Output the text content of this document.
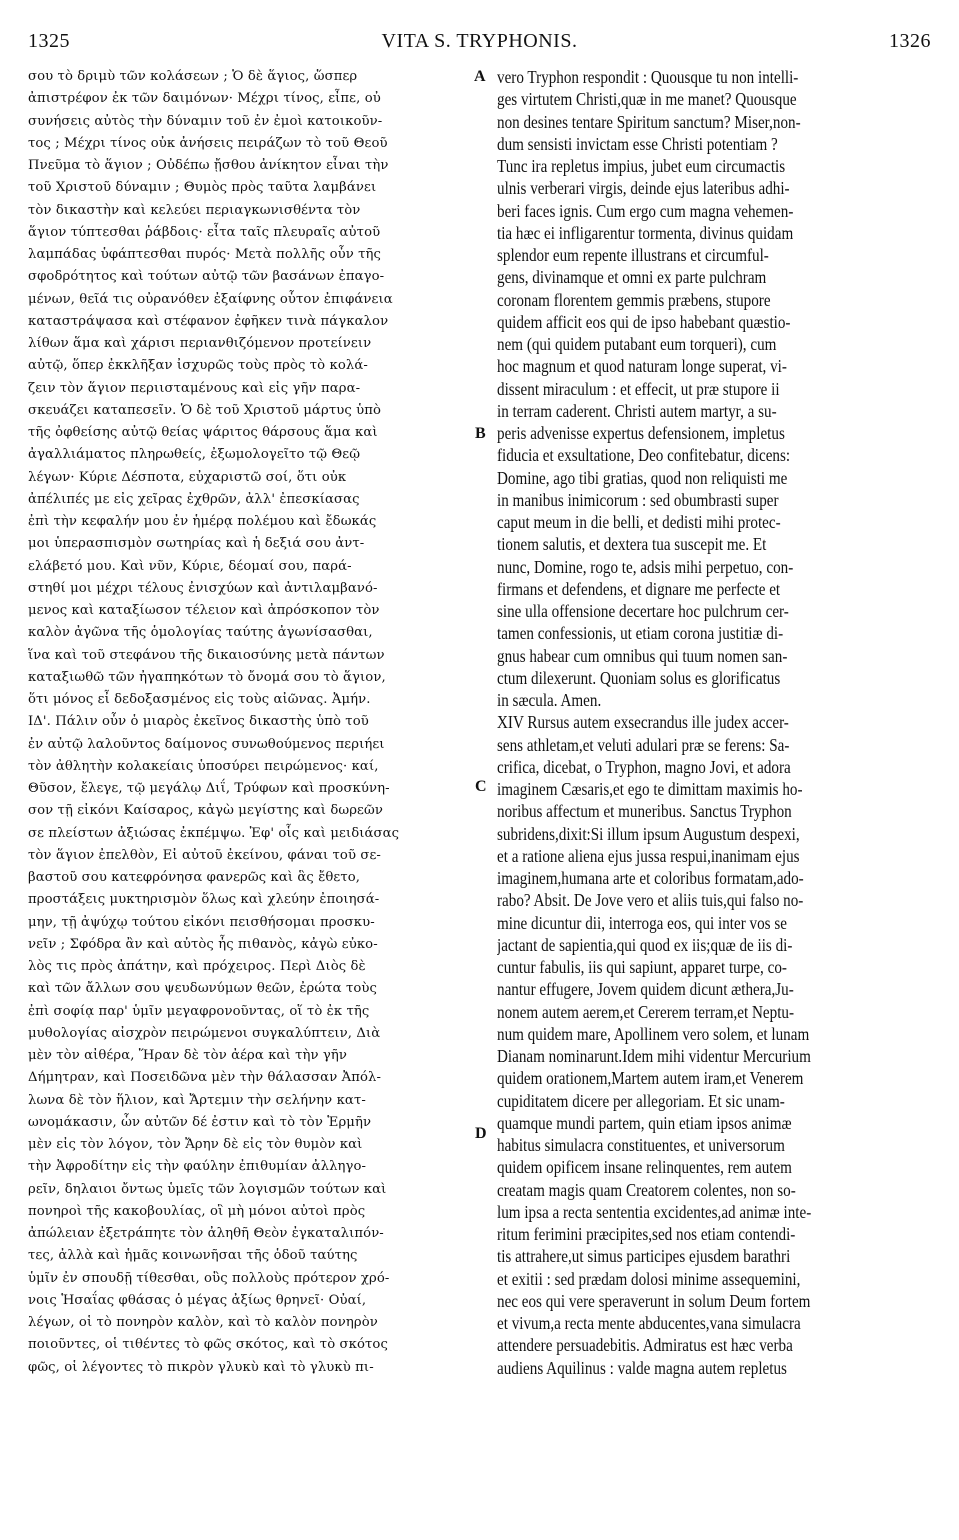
VITA S. TRYPHONIS.
1325	1326
σου τὸ δριμὺ τῶν κολάσεων ; Ὁ δὲ ἅγιος, ὥσπερ
ἀπιστρέφον ἐκ τῶν δαιμόνων· Μέχρι τίνος, εἶπε, οὐ
συνήσεις αὐτὸς τὴν δύναμιν τοῦ ἐν ἐμοὶ κατοικοῦν-
τος ; Μέχρι τίνος οὐκ ἀνήσεις πειράζων τὸ τοῦ Θεοῦ
Πνεῦμα τὸ ἅγιον ; Οὐδέπω ᾔσθου ἀνίκητον εἶναι τὴν
τοῦ Χριστοῦ δύναμιν ; Θυμὸς πρὸς ταῦτα λαμβάνει
τὸν δικαστὴν καὶ κελεύει περιαγκωνισθέντα τὸν
ἅγιον τύπτεσθαι ῥάβδοις· εἶτα ταῖς πλευραῖς αὐτοῦ
λαμπάδας ὑφάπτεσθαι πυρός· Μετὰ πολλῆς οὖν τῆς
σφοδρότητος καὶ τούτων αὐτῷ τῶν βασάνων ἐπαγο-
μένων, θεῖά τις οὐρανόθεν ἐξαίφνης οὗτον ἐπιφάνεια
καταστράψασα καὶ στέφανον ἐφῆκεν τινὰ πάγκαλον
λίθων ἅμα καὶ χάρισι περιανθιζόμενον προτείνειν
αὐτῷ, ὅπερ ἐκκλῆξαν ἰσχυρῶς τοὺς πρὸς τὸ κολά-
ζειν τὸν ἅγιον περιισταμένους καὶ εἰς γῆν παρα-
σκευάζει καταπεσεῖν. Ὁ δὲ τοῦ Χριστοῦ μάρτυς ὑπὸ
τῆς ὀφθείσης αὐτῷ θείας ψάριτος θάρσους ἅμα καὶ
ἀγαλλιάματος πληρωθείς, ἐξωμολογεῖτο τῷ Θεῷ
λέγων· Κύριε Δέσποτα, εὐχαριστῶ σοί, ὅτι οὐκ
ἀπέλιπές με εἰς χεῖρας ἐχθρῶν, ἀλλ' ἐπεσκίασας
ἐπὶ τὴν κεφαλήν μου ἐν ἡμέρᾳ πολέμου καὶ ἔδωκάς
μοι ὑπερασπισμὸν σωτηρίας καὶ ἡ δεξιά σου ἀντ-
ελάβετό μου. Καὶ νῦν, Κύριε, δέομαί σου, παρά-
στηθί μοι μέχρι τέλους ἐνισχύων καὶ ἀντιλαμβανό-
μενος καὶ καταξίωσον τέλειον καὶ ἀπρόσκοπον τὸν
καλὸν ἀγῶνα τῆς ὁμολογίας ταύτης ἀγωνίσασθαι,
ἵνα καὶ τοῦ στεφάνου τῆς δικαιοσύνης μετὰ πάντων
καταξιωθῶ τῶν ἠγαπηκότων τὸ ὄνομά σου τὸ ἅγιον,
ὅτι μόνος εἶ δεδοξασμένος εἰς τοὺς αἰῶνας. Ἀμήν.
ΙΔ'. Πάλιν οὖν ὁ μιαρὸς ἐκεῖνος δικαστὴς ὑπὸ τοῦ
ἐν αὐτῷ λαλοῦντος δαίμονος συνωθούμενος περιήει
τὸν ἀθλητὴν κολακείαις ὑποσύρει πειρώμενος· καί,
Θῦσον, ἔλεγε, τῷ μεγάλῳ Διΐ, Τρύφων καὶ προσκύνη-
σον τῇ εἰκόνι Καίσαρος, κἀγὼ μεγίστης καὶ δωρεῶν
σε πλείστων ἀξιώσας ἐκπέμψω. Ἐφ' οἷς καὶ μειδιάσας
τὸν ἅγιον ἐπελθὸν, Εἰ αὐτοῦ ἐκείνου, φάναι τοῦ σε-
βαστοῦ σου κατεφρόνησα φανερῶς καὶ ἃς ἔθετο,
προστάξεις μυκτηρισμὸν ὅλως καὶ χλεύην ἐποιησά-
μην, τῇ ἀψύχῳ τούτου εἰκόνι πεισθήσομαι προσκυ-
νεῖν ; Σφόδρα ἂν καὶ αὐτὸς ἦς πιθανὸς, κἀγὼ εὐκο-
λὸς τις πρὸς ἀπάτην, καὶ πρόχειρος. Περὶ Διὸς δὲ
καὶ τῶν ἄλλων σου ψευδωνύμων θεῶν, ἐρώτα τοὺς
ἐπὶ σοφίᾳ παρ' ὑμῖν μεγαφρονοῦντας, οἵ τὸ ἐκ τῆς
μυθολογίας αἰσχρὸν πειρώμενοι συγκαλύπτειν, Διὰ
μὲν τὸν αἰθέρα, Ἥραν δὲ τὸν ἀέρα καὶ τὴν γῆν
Δήμητραν, καὶ Ποσειδῶνα μὲν τὴν θάλασσαν Ἀπόλ-
λωνα δὲ τὸν ἥλιον, καὶ Ἄρτεμιν τὴν σελήνην κατ-
ωνομάκασιν, ὧν αὐτῶν δέ ἐστιν καὶ τὸ τὸν Ἑρμῆν
μὲν εἰς τὸν λόγον, τὸν Ἄρην δὲ εἰς τὸν θυμὸν καὶ
τὴν Ἀφροδίτην εἰς τὴν φαύλην ἐπιθυμίαν ἀλληγο-
ρεῖν, δηλαιοι ὄντως ὑμεῖς τῶν λογισμῶν τούτων καὶ
πονηροὶ τῆς κακοβουλίας, οἳ μὴ μόνοι αὐτοὶ πρὸς
ἀπώλειαν ἐξετράπητε τὸν ἀληθῆ Θεὸν ἐγκαταλιπόν-
τες, ἀλλὰ καὶ ἡμᾶς κοινωνῆσαι τῆς ὁδοῦ ταύτης
ὑμῖν ἐν σπουδῇ τίθεσθαι, οὓς πολλοὺς πρότερον χρό-
νοις Ἡσαΐας φθάσας ὁ μέγας ἀξίως θρηνεῖ· Οὐαί,
λέγων, οἱ τὸ πονηρὸν καλὸν, καὶ τὸ καλὸν πονηρὸν
ποιοῦντες, οἱ τιθέντες τὸ φῶς σκότος, καὶ τὸ σκότος
φῶς, οἱ λέγοντες τὸ πικρὸν γλυκὺ καὶ τὸ γλυκὺ πι-
vero Tryphon respondit : Quousque tu non intelli-
ges virtutem Christi,quæ in me manet? Quousque
non desines tentare Spiritum sanctum? Miser,non-
dum sensisti invictam esse Christi potentiam ?
Tunc ira repletus impius, jubet eum circumactis
ulnis verberari virgis, deinde ejus lateribus adhi-
beri faces ignis. Cum ergo cum magna vehemen-
tia hæc ei infligarentur tormenta, divinus quidam
splendor eum repente illustrans et circumful-
gens, divinamque et omni ex parte pulchram
coronam florentem gemmis præbens, stupore
quidem afficit eos qui de ipso habebant quæstio-
nem (qui quidem putabant eum torqueri), cum
hoc magnum et quod naturam longe superat, vi-
dissent miraculum : et effecit, ut præ stupore ii
in terram caderent. Christi autem martyr, a su-
peris advenisse expertus defensionem, impletus
fiducia et exsultatione, Deo confitebatur, dicens:
Domine, ago tibi gratias, quod non reliquisti me
in manibus inimicorum : sed obumbrasti super
caput meum in die belli, et dedisti mihi protec-
tionem salutis, et dextera tua suscepit me. Et
nunc, Domine, rogo te, adsis mihi perpetuo, con-
firmans et defendens, et dignare me perfecte et
sine ulla offensione decertare hoc pulchrum cer-
tamen confessionis, ut etiam corona justitiæ di-
gnus habear cum omnibus qui tuum nomen san-
ctum dilexerunt. Quoniam solus es glorificatus
in sæcula. Amen.
XIV Rursus autem exsecrandus ille judex accer-
sens athletam,et veluti adulari præ se ferens: Sa-
crifica, dicebat, o Tryphon, magno Jovi, et adora
imaginem Cæsaris,et ego te dimittam maximis ho-
noribus affectum et muneribus. Sanctus Tryphon
subridens,dixit:Si illum ipsum Augustum despexi,
et a ratione aliena ejus jussa respui,inanimam ejus
imaginem,humana arte et coloribus formatam,ado-
rabo? Absit. De Jove vero et aliis tuis,qui falso no-
mine dicuntur dii, interroga eos, qui inter vos se
jactant de sapientia,qui quod ex iis;quæ de iis di-
cuntur fabulis, iis qui sapiunt, apparet turpe, co-
nantur effugere, Jovem quidem dicunt æthera,Ju-
nonem autem aerem,et Cererem terram,et Neptu-
num quidem mare, Apollinem vero solem, et lunam
Dianam nominarunt.Idem mihi videntur Mercurium
quidem orationem,Martem autem iram,et Venerem
cupiditatem dicere per allegoriam. Et sic unam-
quamque mundi partem, quin etiam ipsos animæ
habitus simulacra constituentes, et universorum
quidem opificem insane relinquentes, rem autem
creatam magis quam Creatorem colentes, non so-
lum ipsa a recta sententia excidentes,ad animæ inte-
ritum ferimini præcipites,sed nos etiam contendi-
tis attrahere,ut simus participes ejusdem barathri
et exitii : sed prædam dolosi minime assequemini,
nec eos qui vere speraverunt in solum Deum fortem
et vivum,a recta mente abducentes,vana simulacra
attendere persuadebitis. Admiratus est hæc verba
audiens Aquilinus : valde magna autem repletus
A
B
C
D
